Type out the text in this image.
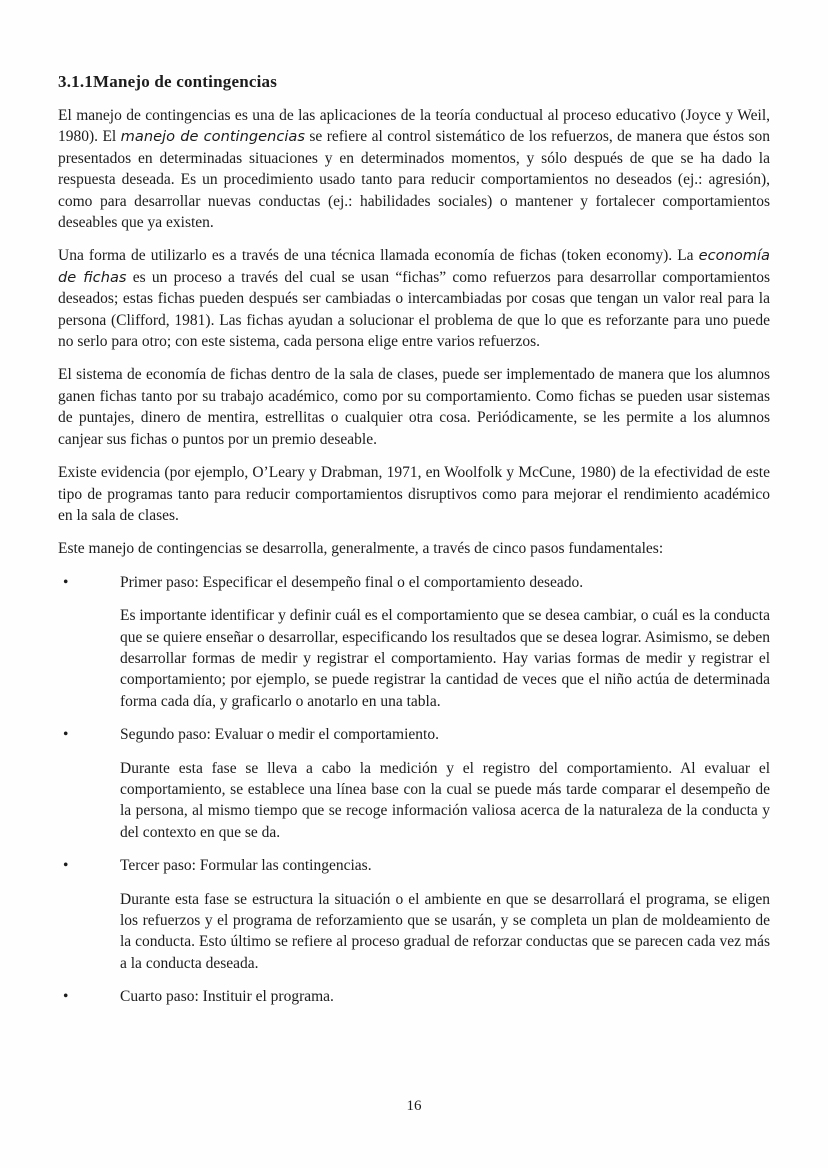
3.1.1Manejo de contingencias

El manejo de contingencias es una de las aplicaciones de la teoría conductual al proceso educativo (Joyce y Weil, 1980). El manejo de contingencias se refiere al control sistemático de los refuerzos, de manera que éstos son presentados en determinadas situaciones y en determinados momentos, y sólo después de que se ha dado la respuesta deseada. Es un procedimiento usado tanto para reducir comportamientos no deseados (ej.: agresión), como para desarrollar nuevas conductas (ej.: habilidades sociales) o mantener y fortalecer comportamientos deseables que ya existen.

Una forma de utilizarlo es a través de una técnica llamada economía de fichas (token economy). La economía de fichas es un proceso a través del cual se usan “fichas” como refuerzos para desarrollar comportamientos deseados; estas fichas pueden después ser cambiadas o intercambiadas por cosas que tengan un valor real para la persona (Clifford, 1981). Las fichas ayudan a solucionar el problema de que lo que es reforzante para uno puede no serlo para otro; con este sistema, cada persona elige entre varios refuerzos.

El sistema de economía de fichas dentro de la sala de clases, puede ser implementado de manera que los alumnos ganen fichas tanto por su trabajo académico, como por su comportamiento. Como fichas se pueden usar sistemas de puntajes, dinero de mentira, estrellitas o cualquier otra cosa. Periódicamente, se les permite a los alumnos canjear sus fichas o puntos por un premio deseable.

Existe evidencia (por ejemplo, O’Leary y Drabman, 1971, en Woolfolk y McCune, 1980) de la efectividad de este tipo de programas tanto para reducir comportamientos disruptivos como para mejorar el rendimiento académico en la sala de clases.

Este manejo de contingencias se desarrolla, generalmente, a través de cinco pasos fundamentales:

•	Primer paso: Especificar el desempeño final o el comportamiento deseado.

Es importante identificar y definir cuál es el comportamiento que se desea cambiar, o cuál es la conducta que se quiere enseñar o desarrollar, especificando los resultados que se desea lograr. Asimismo, se deben desarrollar formas de medir y registrar el comportamiento. Hay varias formas de medir y registrar el comportamiento; por ejemplo, se puede registrar la cantidad de veces que el niño actúa de determinada forma cada día, y graficarlo o anotarlo en una tabla.

•	Segundo paso: Evaluar o medir el comportamiento.

Durante esta fase se lleva a cabo la medición y el registro del comportamiento. Al evaluar el comportamiento, se establece una línea base con la cual se puede más tarde comparar el desempeño de la persona, al mismo tiempo que se recoge información valiosa acerca de la naturaleza de la conducta y del contexto en que se da.

•	Tercer paso: Formular las contingencias.

Durante esta fase se estructura la situación o el ambiente en que se desarrollará el programa, se eligen los refuerzos y el programa de reforzamiento que se usarán, y se completa un plan de moldeamiento de la conducta. Esto último se refiere al proceso gradual de reforzar conductas que se parecen cada vez más a la conducta deseada.

•	Cuarto paso: Instituir el programa.
16
